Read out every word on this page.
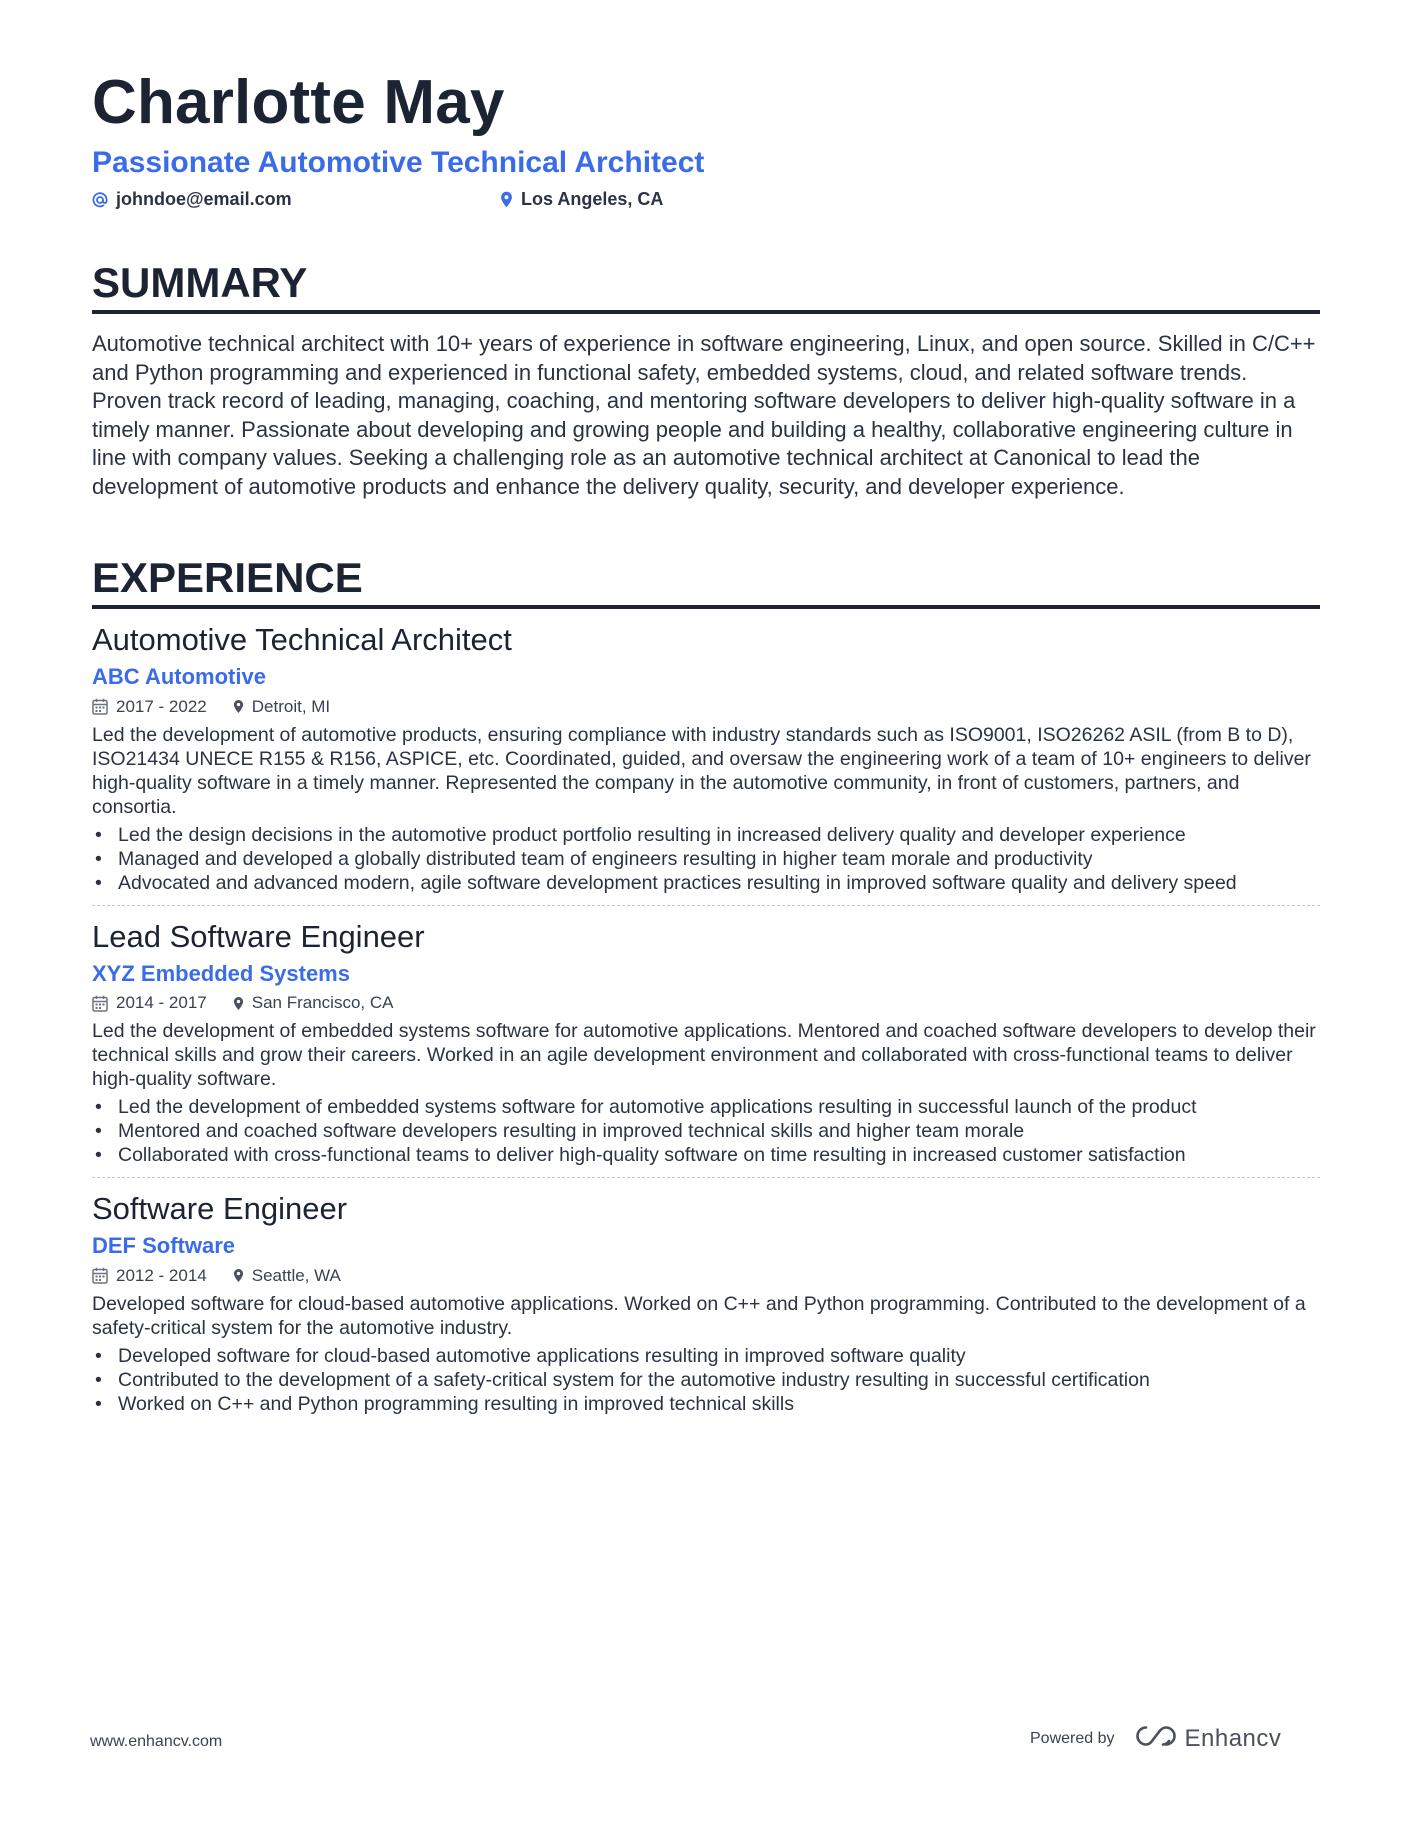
Charlotte May
Passionate Automotive Technical Architect
johndoe@email.com	Los Angeles, CA
SUMMARY
Automotive technical architect with 10+ years of experience in software engineering, Linux, and open source. Skilled in C/C++ and Python programming and experienced in functional safety, embedded systems, cloud, and related software trends. Proven track record of leading, managing, coaching, and mentoring software developers to deliver high-quality software in a timely manner. Passionate about developing and growing people and building a healthy, collaborative engineering culture in line with company values. Seeking a challenging role as an automotive technical architect at Canonical to lead the development of automotive products and enhance the delivery quality, security, and developer experience.
EXPERIENCE
Automotive Technical Architect
ABC Automotive
2017 - 2022	Detroit, MI
Led the development of automotive products, ensuring compliance with industry standards such as ISO9001, ISO26262 ASIL (from B to D), ISO21434 UNECE R155 & R156, ASPICE, etc. Coordinated, guided, and oversaw the engineering work of a team of 10+ engineers to deliver high-quality software in a timely manner. Represented the company in the automotive community, in front of customers, partners, and consortia.
• Led the design decisions in the automotive product portfolio resulting in increased delivery quality and developer experience
• Managed and developed a globally distributed team of engineers resulting in higher team morale and productivity
• Advocated and advanced modern, agile software development practices resulting in improved software quality and delivery speed
Lead Software Engineer
XYZ Embedded Systems
2014 - 2017	San Francisco, CA
Led the development of embedded systems software for automotive applications. Mentored and coached software developers to develop their technical skills and grow their careers. Worked in an agile development environment and collaborated with cross-functional teams to deliver high-quality software.
• Led the development of embedded systems software for automotive applications resulting in successful launch of the product
• Mentored and coached software developers resulting in improved technical skills and higher team morale
• Collaborated with cross-functional teams to deliver high-quality software on time resulting in increased customer satisfaction
Software Engineer
DEF Software
2012 - 2014	Seattle, WA
Developed software for cloud-based automotive applications. Worked on C++ and Python programming. Contributed to the development of a safety-critical system for the automotive industry.
• Developed software for cloud-based automotive applications resulting in improved software quality
• Contributed to the development of a safety-critical system for the automotive industry resulting in successful certification
• Worked on C++ and Python programming resulting in improved technical skills
www.enhancv.com	Powered by	Enhancv
